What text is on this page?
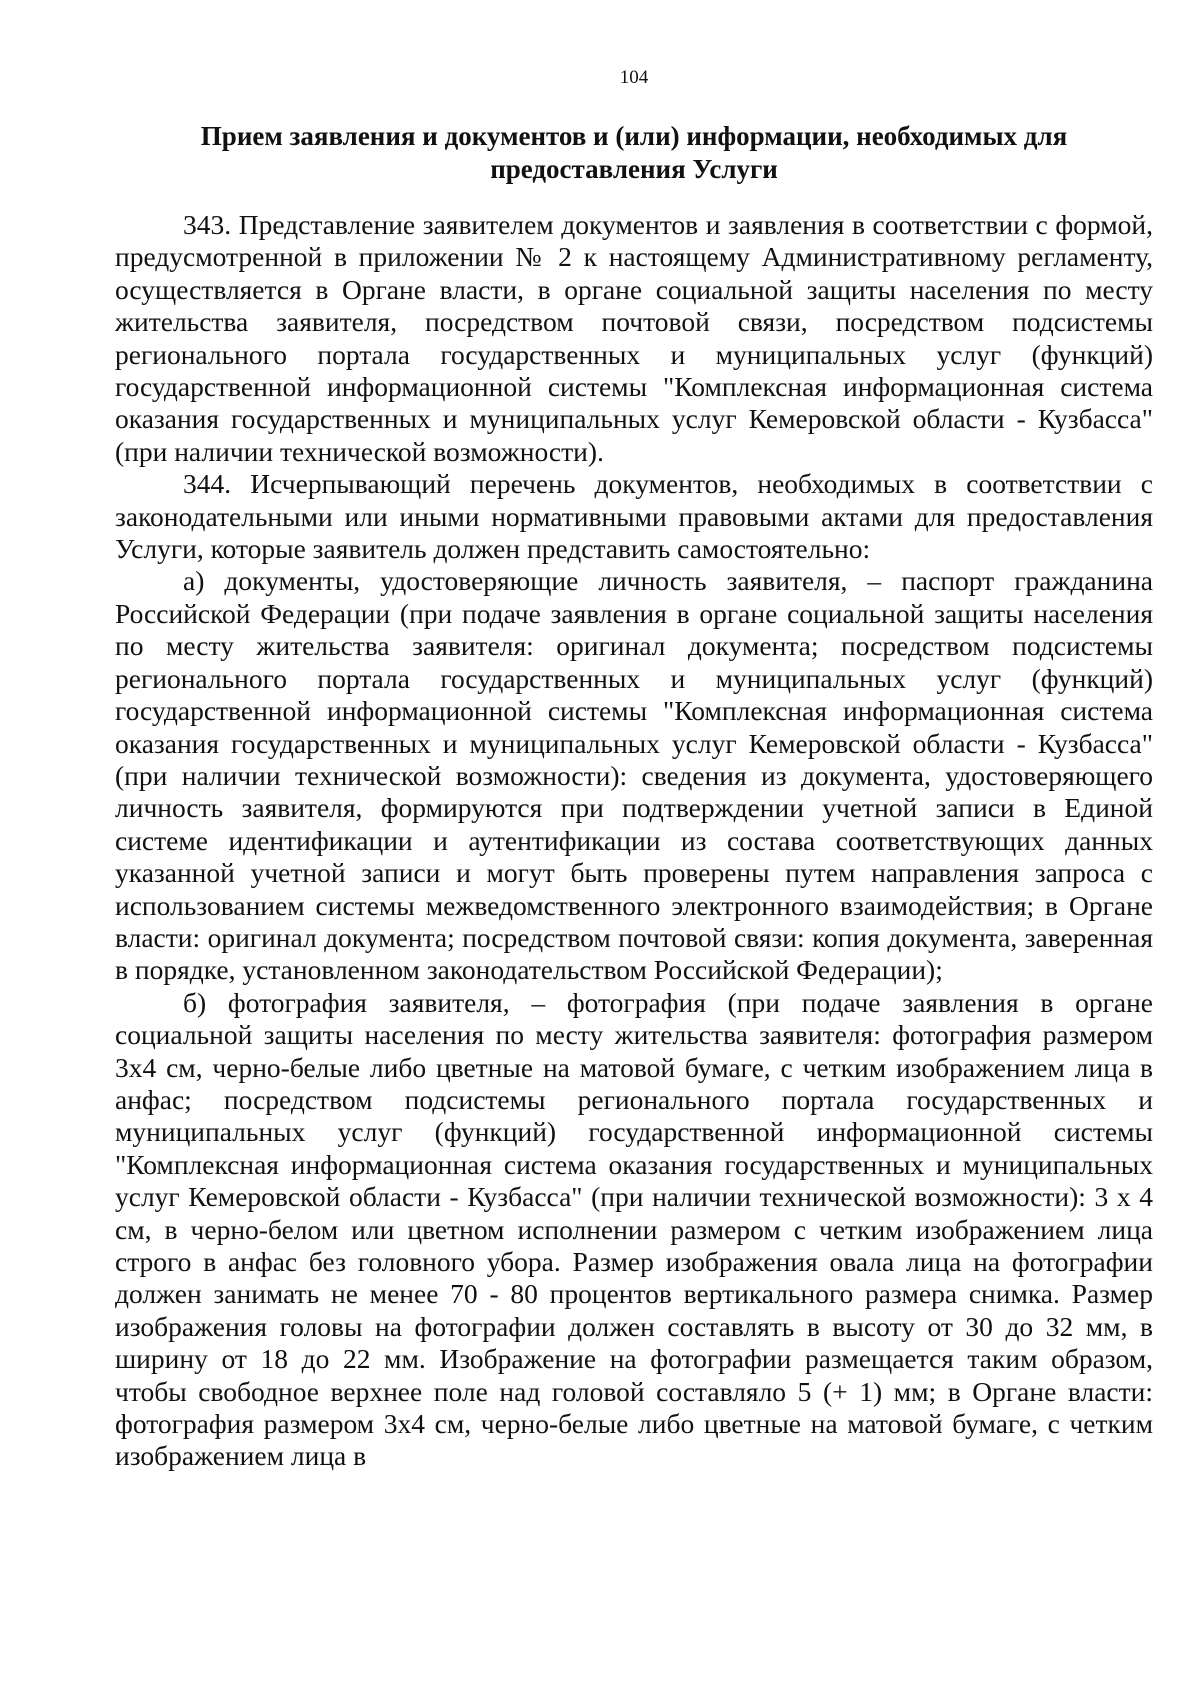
104
Прием заявления и документов и (или) информации, необходимых для предоставления Услуги

343. Представление заявителем документов и заявления в соответствии с формой, предусмотренной в приложении № 2 к настоящему Административному регламенту, осуществляется в Органе власти, в органе социальной защиты населения по месту жительства заявителя, посредством почтовой связи, посредством подсистемы регионального портала государственных и муниципальных услуг (функций) государственной информационной системы "Комплексная информационная система оказания государственных и муниципальных услуг Кемеровской области - Кузбасса" (при наличии технической возможности).

344. Исчерпывающий перечень документов, необходимых в соответствии с законодательными или иными нормативными правовыми актами для предоставления Услуги, которые заявитель должен представить самостоятельно:

а) документы, удостоверяющие личность заявителя, – паспорт гражданина Российской Федерации (при подаче заявления в органе социальной защиты населения по месту жительства заявителя: оригинал документа; посредством подсистемы регионального портала государственных и муниципальных услуг (функций) государственной информационной системы "Комплексная информационная система оказания государственных и муниципальных услуг Кемеровской области - Кузбасса" (при наличии технической возможности): сведения из документа, удостоверяющего личность заявителя, формируются при подтверждении учетной записи в Единой системе идентификации и аутентификации из состава соответствующих данных указанной учетной записи и могут быть проверены путем направления запроса с использованием системы межведомственного электронного взаимодействия; в Органе власти: оригинал документа; посредством почтовой связи: копия документа, заверенная в порядке, установленном законодательством Российской Федерации);

б) фотография заявителя, – фотография (при подаче заявления в органе социальной защиты населения по месту жительства заявителя: фотография размером 3x4 см, черно-белые либо цветные на матовой бумаге, с четким изображением лица в анфас; посредством подсистемы регионального портала государственных и муниципальных услуг (функций) государственной информационной системы "Комплексная информационная система оказания государственных и муниципальных услуг Кемеровской области - Кузбасса" (при наличии технической возможности): 3 x 4 см, в черно-белом или цветном исполнении размером с четким изображением лица строго в анфас без головного убора. Размер изображения овала лица на фотографии должен занимать не менее 70 - 80 процентов вертикального размера снимка. Размер изображения головы на фотографии должен составлять в высоту от 30 до 32 мм, в ширину от 18 до 22 мм. Изображение на фотографии размещается таким образом, чтобы свободное верхнее поле над головой составляло 5 (+ 1) мм; в Органе власти: фотография размером 3x4 см, черно-белые либо цветные на матовой бумаге, с четким изображением лица в
